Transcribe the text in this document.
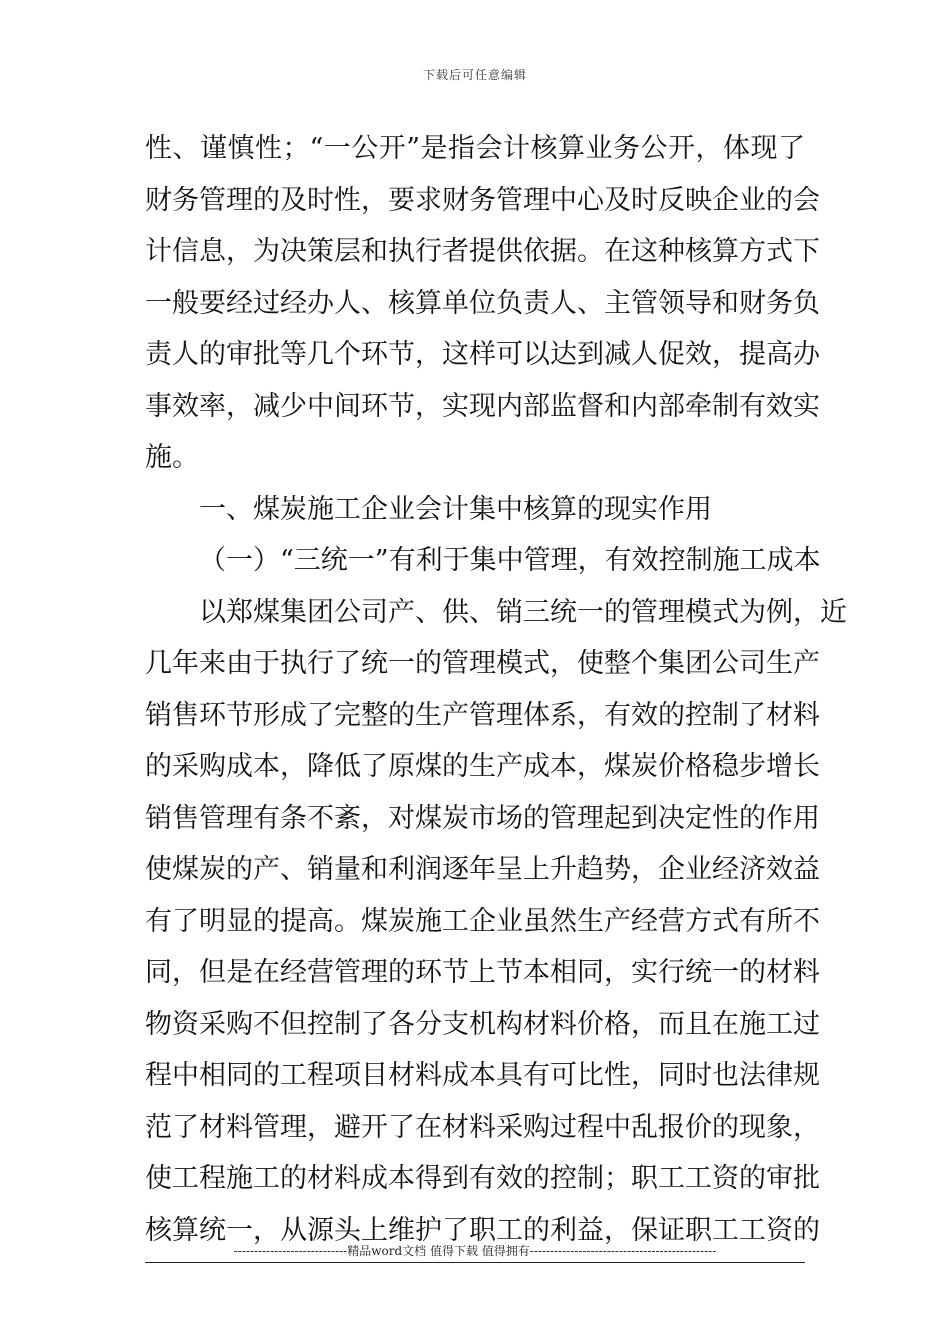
下载后可任意编辑
性、谨慎性；“一公开”是指会计核算业务公开，体现了
财务管理的及时性，要求财务管理中心及时反映企业的会
计信息，为决策层和执行者提供依据。在这种核算方式下
一般要经过经办人、核算单位负责人、主管领导和财务负
责人的审批等几个环节，这样可以达到减人促效，提高办
事效率，减少中间环节，实现内部监督和内部牵制有效实
施。
一、煤炭施工企业会计集中核算的现实作用
（一）“三统一”有利于集中管理，有效控制施工成本
以郑煤集团公司产、供、销三统一的管理模式为例，近
几年来由于执行了统一的管理模式，使整个集团公司生产
销售环节形成了完整的生产管理体系，有效的控制了材料
的采购成本，降低了原煤的生产成本，煤炭价格稳步增长
销售管理有条不紊，对煤炭市场的管理起到决定性的作用
使煤炭的产、销量和利润逐年呈上升趋势，企业经济效益
有了明显的提高。煤炭施工企业虽然生产经营方式有所不
同，但是在经营管理的环节上节本相同，实行统一的材料
物资采购不但控制了各分支机构材料价格，而且在施工过
程中相同的工程项目材料成本具有可比性，同时也法律规
范了材料管理，避开了在材料采购过程中乱报价的现象，
使工程施工的材料成本得到有效的控制；职工工资的审批
核算统一，从源头上维护了职工的利益，保证职工工资的
----------------------------精品word文档 值得下载 值得拥有----------------------------------------------
